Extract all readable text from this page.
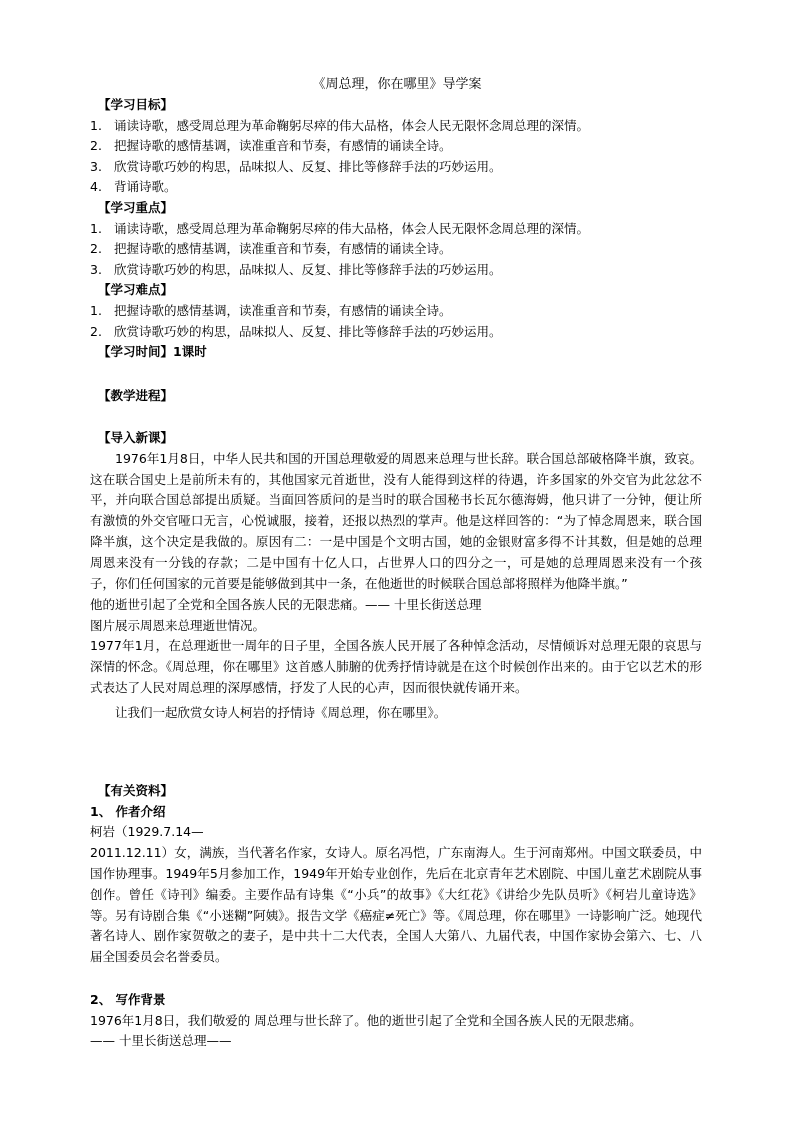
《周总理，你在哪里》导学案
【学习目标】
1. 诵读诗歌，感受周总理为革命鞠躬尽瘁的伟大品格，体会人民无限怀念周总理的深情。
2. 把握诗歌的感情基调，读准重音和节奏，有感情的诵读全诗。
3. 欣赏诗歌巧妙的构思，品味拟人、反复、排比等修辞手法的巧妙运用。
4. 背诵诗歌。
【学习重点】
1. 诵读诗歌，感受周总理为革命鞠躬尽瘁的伟大品格，体会人民无限怀念周总理的深情。
2. 把握诗歌的感情基调，读准重音和节奏，有感情的诵读全诗。
3. 欣赏诗歌巧妙的构思，品味拟人、反复、排比等修辞手法的巧妙运用。
【学习难点】
1. 把握诗歌的感情基调，读准重音和节奏，有感情的诵读全诗。
2. 欣赏诗歌巧妙的构思，品味拟人、反复、排比等修辞手法的巧妙运用。
【学习时间】1课时
【教学进程】
【导入新课】
1976年1月8日，中华人民共和国的开国总理敬爱的周恩来总理与世长辞。联合国总部破格降半旗，致哀。这在联合国史上是前所未有的，其他国家元首逝世，没有人能得到这样的待遇，许多国家的外交官为此忿忿不平，并向联合国总部提出质疑。当面回答质问的是当时的联合国秘书长瓦尔德海姆，他只讲了一分钟，便让所有激愤的外交官哑口无言，心悦诚服，接着，还报以热烈的掌声。他是这样回答的：“为了悼念周恩来，联合国降半旗，这个决定是我做的。原因有二：一是中国是个文明古国，她的金银财富多得不计其数，但是她的总理周恩来没有一分钱的存款；二是中国有十亿人口，占世界人口的四分之一，可是她的总理周恩来没有一个孩子，你们任何国家的元首要是能够做到其中一条，在他逝世的时候联合国总部将照样为他降半旗。”
他的逝世引起了全党和全国各族人民的无限悲痛。—— 十里长街送总理
图片展示周恩来总理逝世情况。
1977年1月，在总理逝世一周年的日子里，全国各族人民开展了各种悼念活动，尽情倾诉对总理无限的哀思与深情的怀念。《周总理，你在哪里》这首感人肺腑的优秀抒情诗就是在这个时候创作出来的。由于它以艺术的形式表达了人民对周总理的深厚感情，抒发了人民的心声，因而很快就传诵开来。
让我们一起欣赏女诗人柯岩的抒情诗《周总理，你在哪里》。
【有关资料】
1、 作者介绍
柯岩（1929.7.14—
2011.12.11）女，满族，当代著名作家，女诗人。原名冯恺，广东南海人。生于河南郑州。中国文联委员，中国作协理事。1949年5月参加工作，1949年开始专业创作，先后在北京青年艺术剧院、中国儿童艺术剧院从事创作。曾任《诗刊》编委。主要作品有诗集《“小兵”的故事》《大红花》《讲给少先队员听》《柯岩儿童诗选》等。另有诗剧合集《“小迷糊”阿姨》。报告文学《癌症≠死亡》等。《周总理，你在哪里》一诗影响广泛。她现代著名诗人、剧作家贺敬之的妻子，是中共十二大代表，全国人大第八、九届代表，中国作家协会第六、七、八届全国委员会名誉委员。
2、 写作背景
1976年1月8日，我们敬爱的 周总理与世长辞了。他的逝世引起了全党和全国各族人民的无限悲痛。
—— 十里长街送总理——
